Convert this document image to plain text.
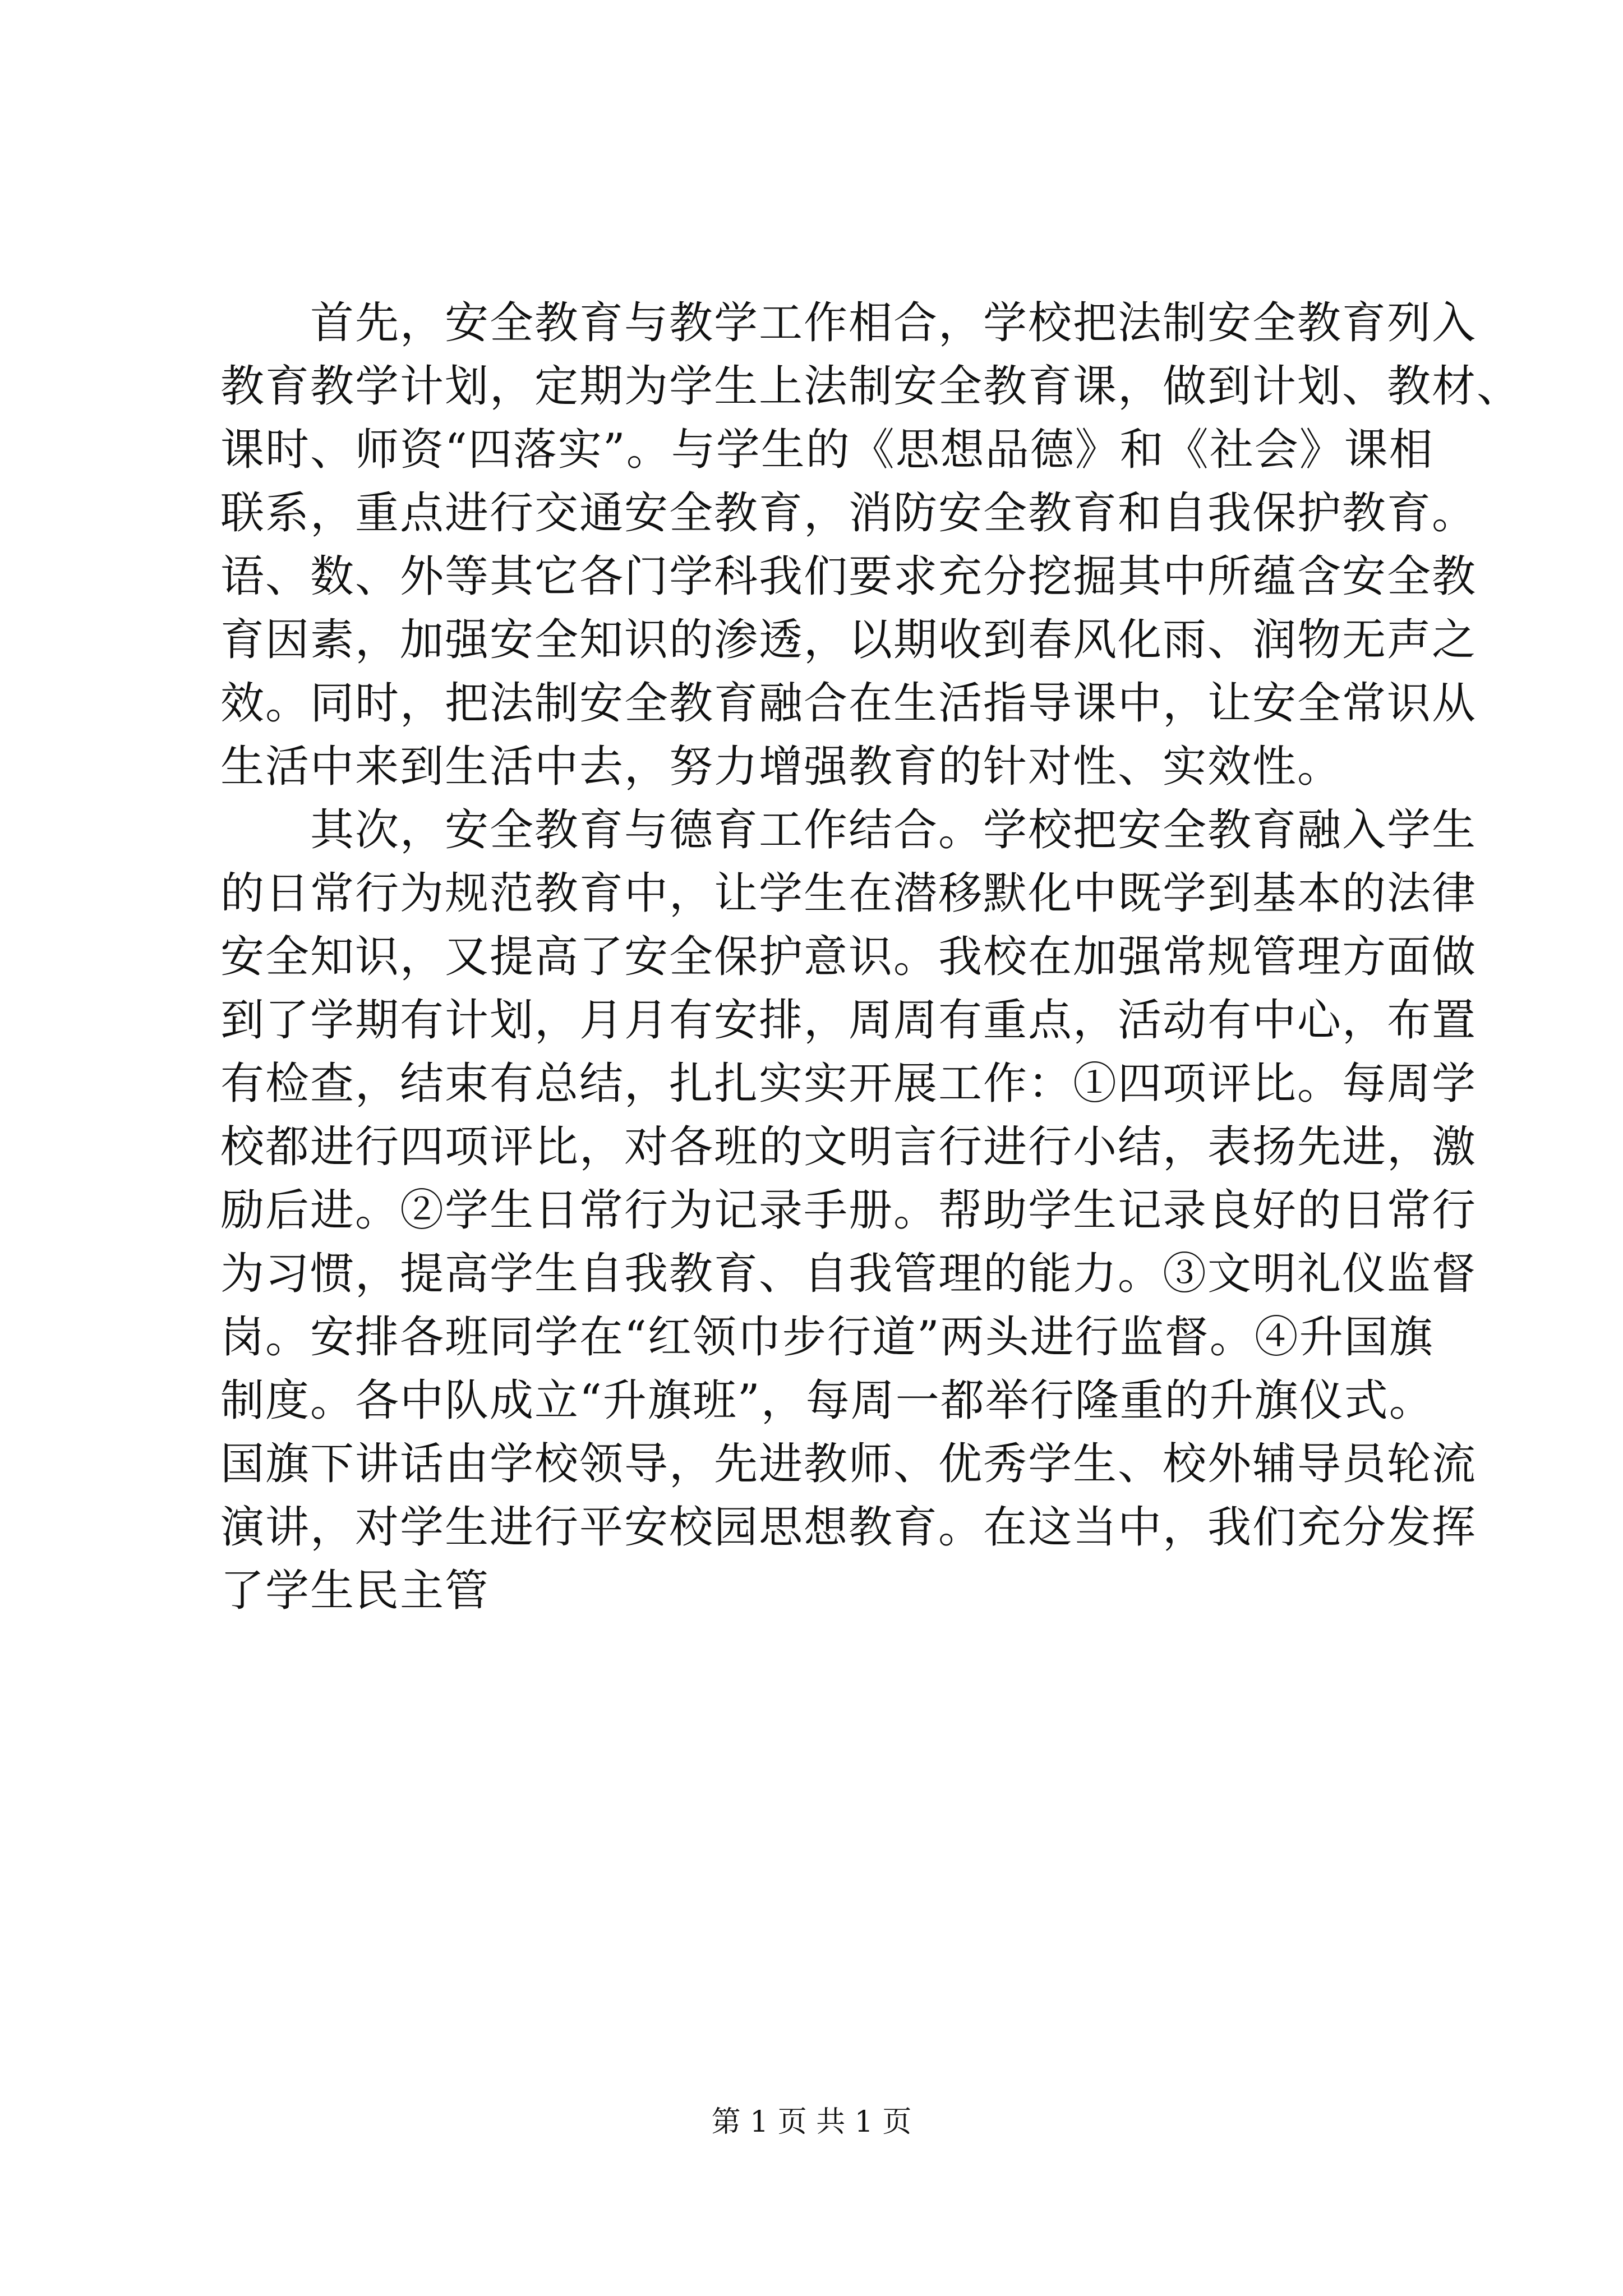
　　首先，安全教育与教学工作相合，学校把法制安全教育列入
教育教学计划，定期为学生上法制安全教育课，做到计划、教材、
课时、师资“四落实”。与学生的《思想品德》和《社会》课相
联系，重点进行交通安全教育，消防安全教育和自我保护教育。
语、数、外等其它各门学科我们要求充分挖掘其中所蕴含安全教
育因素，加强安全知识的渗透，以期收到春风化雨、润物无声之
效。同时，把法制安全教育融合在生活指导课中，让安全常识从
生活中来到生活中去，努力增强教育的针对性、实效性。
　　其次，安全教育与德育工作结合。学校把安全教育融入学生
的日常行为规范教育中，让学生在潜移默化中既学到基本的法律
安全知识，又提高了安全保护意识。我校在加强常规管理方面做
到了学期有计划，月月有安排，周周有重点，活动有中心，布置
有检查，结束有总结，扎扎实实开展工作：①四项评比。每周学
校都进行四项评比，对各班的文明言行进行小结，表扬先进，激
励后进。②学生日常行为记录手册。帮助学生记录良好的日常行
为习惯，提高学生自我教育、自我管理的能力。③文明礼仪监督
岗。安排各班同学在“红领巾步行道”两头进行监督。④升国旗
制度。各中队成立“升旗班”，每周一都举行隆重的升旗仪式。
国旗下讲话由学校领导，先进教师、优秀学生、校外辅导员轮流
演讲，对学生进行平安校园思想教育。在这当中，我们充分发挥
了学生民主管
第 1 页 共 1 页
